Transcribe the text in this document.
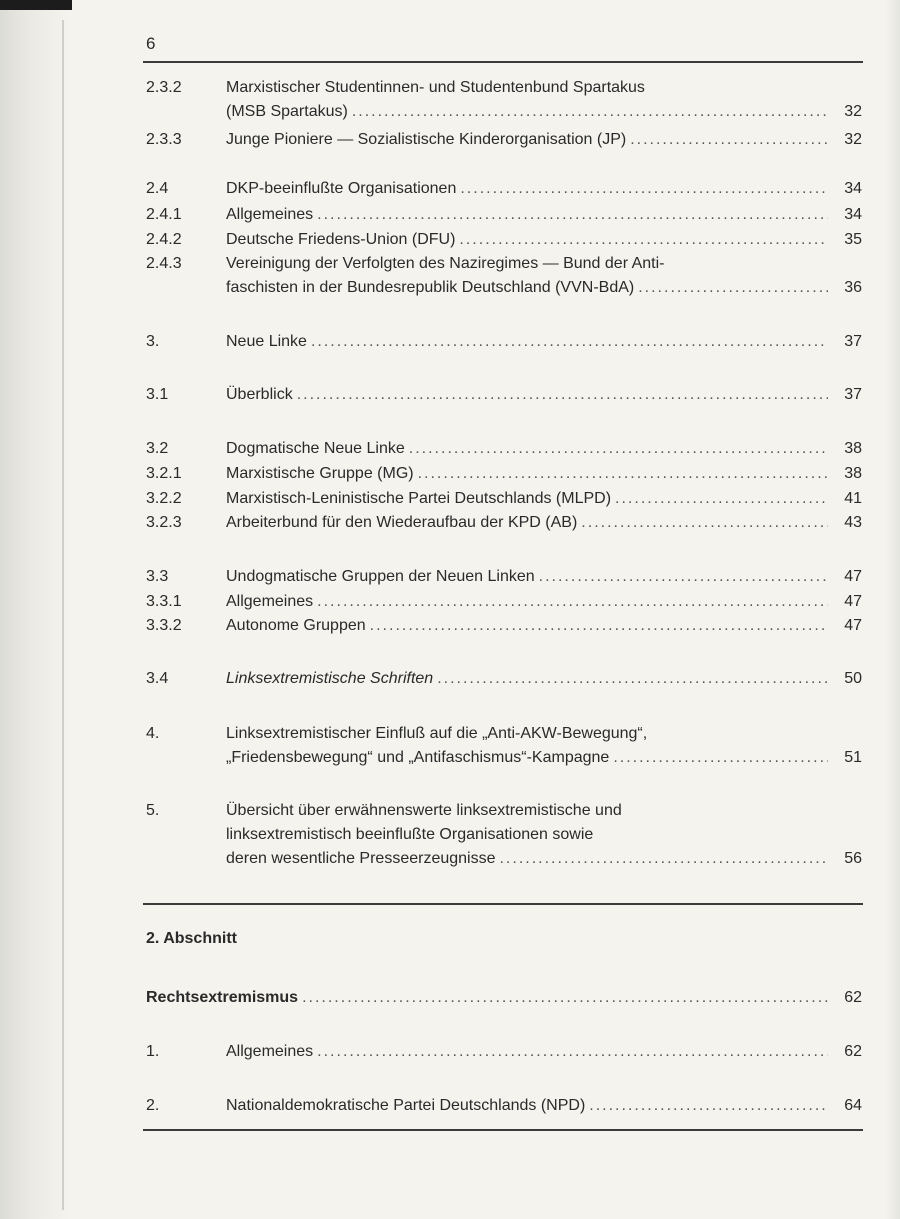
6
2.3.2	Marxistischer Studentinnen- und Studentenbund Spartakus
(MSB Spartakus) .....	32
2.3.3	Junge Pioniere — Sozialistische Kinderorganisation (JP) .....	32
2.4	DKP-beeinflußte Organisationen .....	34
2.4.1	Allgemeines .....	34
2.4.2	Deutsche Friedens-Union (DFU) .....	35
2.4.3	Vereinigung der Verfolgten des Naziregimes — Bund der Anti-
faschisten in der Bundesrepublik Deutschland (VVN-BdA) .....	36
3.	Neue Linke .....	37
3.1	Überblick .....	37
3.2	Dogmatische Neue Linke .....	38
3.2.1	Marxistische Gruppe (MG) .....	38
3.2.2	Marxistisch-Leninistische Partei Deutschlands (MLPD) .....	41
3.2.3	Arbeiterbund für den Wiederaufbau der KPD (AB) .....	43
3.3	Undogmatische Gruppen der Neuen Linken .....	47
3.3.1	Allgemeines .....	47
3.3.2	Autonome Gruppen .....	47
3.4	Linksextremistische Schriften .....	50
4.	Linksextremistischer Einfluß auf die „Anti-AKW-Bewegung“,
„Friedensbewegung“ und „Antifaschismus“-Kampagne .....	51
5.	Übersicht über erwähnenswerte linksextremistische und
linksextremistisch beeinflußte Organisationen sowie
deren wesentliche Presseerzeugnisse .....	56
2. Abschnitt
Rechtsextremismus .....	62
1.	Allgemeines .....	62
2.	Nationaldemokratische Partei Deutschlands (NPD) .....	64
